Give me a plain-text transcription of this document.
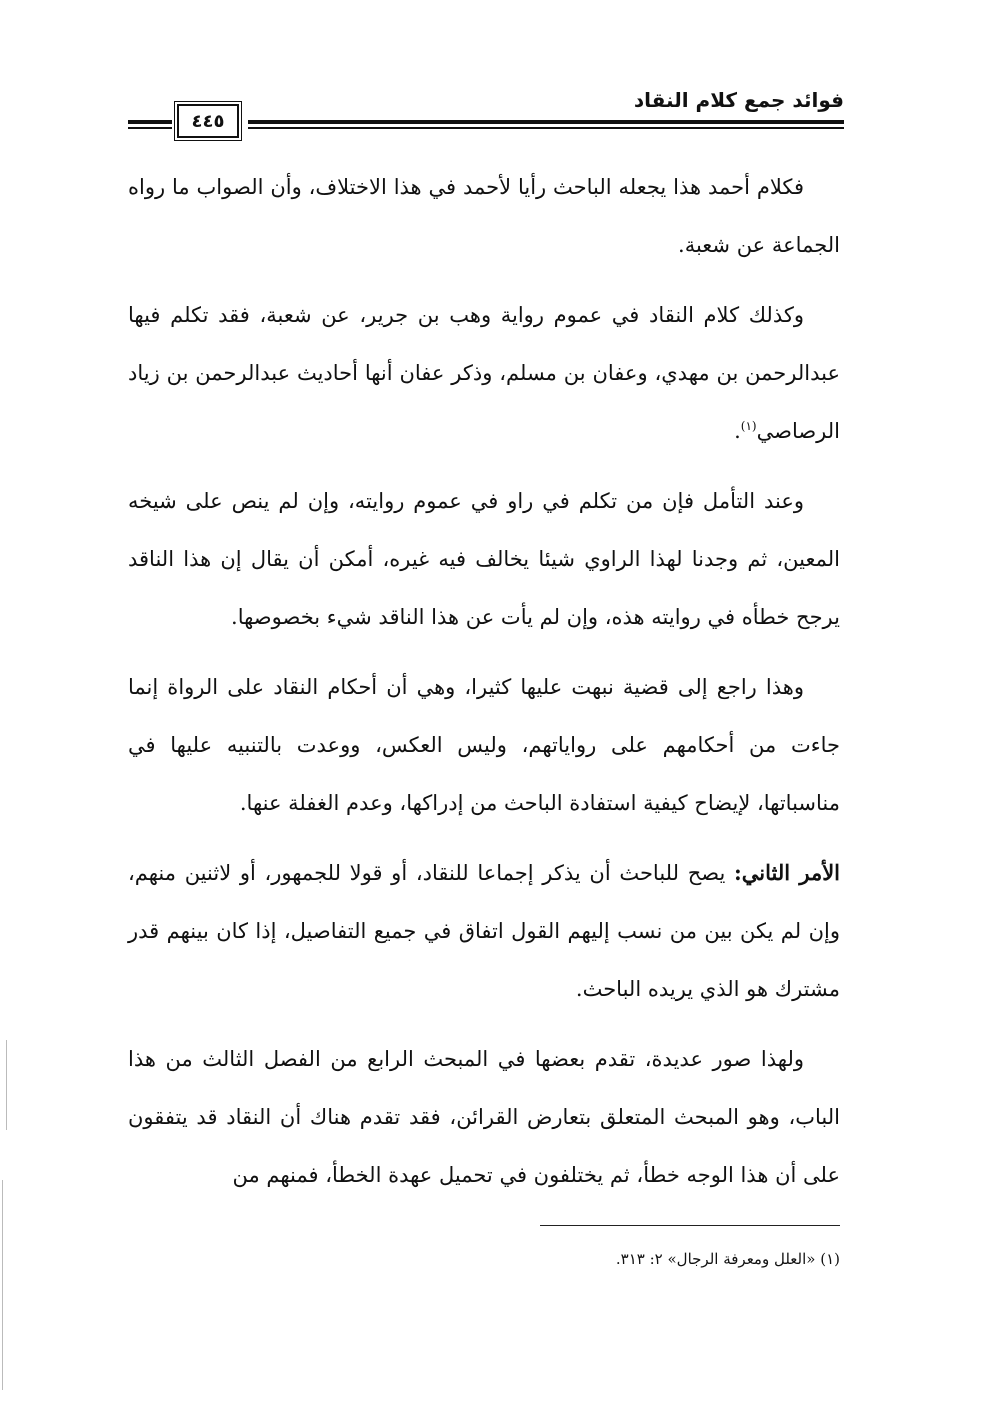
فوائد جمع كلام النقاد
٤٤٥

فكلام أحمد هذا يجعله الباحث رأيا لأحمد في هذا الاختلاف، وأن الصواب ما رواه الجماعة عن شعبة.

وكذلك كلام النقاد في عموم رواية وهب بن جرير، عن شعبة، فقد تكلم فيها عبدالرحمن بن مهدي، وعفان بن مسلم، وذكر عفان أنها أحاديث عبدالرحمن بن زياد الرصاصي$^{(١)}$.

وعند التأمل فإن من تكلم في راو في عموم روايته، وإن لم ينص على شيخه المعين، ثم وجدنا لهذا الراوي شيئا يخالف فيه غيره، أمكن أن يقال إن هذا الناقد يرجح خطأه في روايته هذه، وإن لم يأت عن هذا الناقد شيء بخصوصها.

وهذا راجع إلى قضية نبهت عليها كثيرا، وهي أن أحكام النقاد على الرواة إنما جاءت من أحكامهم على رواياتهم، وليس العكس، ووعدت بالتنبيه عليها في مناسباتها، لإيضاح كيفية استفادة الباحث من إدراكها، وعدم الغفلة عنها.

الأمر الثاني: يصح للباحث أن يذكر إجماعا للنقاد، أو قولا للجمهور، أو لاثنين منهم، وإن لم يكن بين من نسب إليهم القول اتفاق في جميع التفاصيل، إذا كان بينهم قدر مشترك هو الذي يريده الباحث.

ولهذا صور عديدة، تقدم بعضها في المبحث الرابع من الفصل الثالث من هذا الباب، وهو المبحث المتعلق بتعارض القرائن، فقد تقدم هناك أن النقاد قد يتفقون على أن هذا الوجه خطأ، ثم يختلفون في تحميل عهدة الخطأ، فمنهم من

(١) «العلل ومعرفة الرجال» ٢: ٣١٣.
